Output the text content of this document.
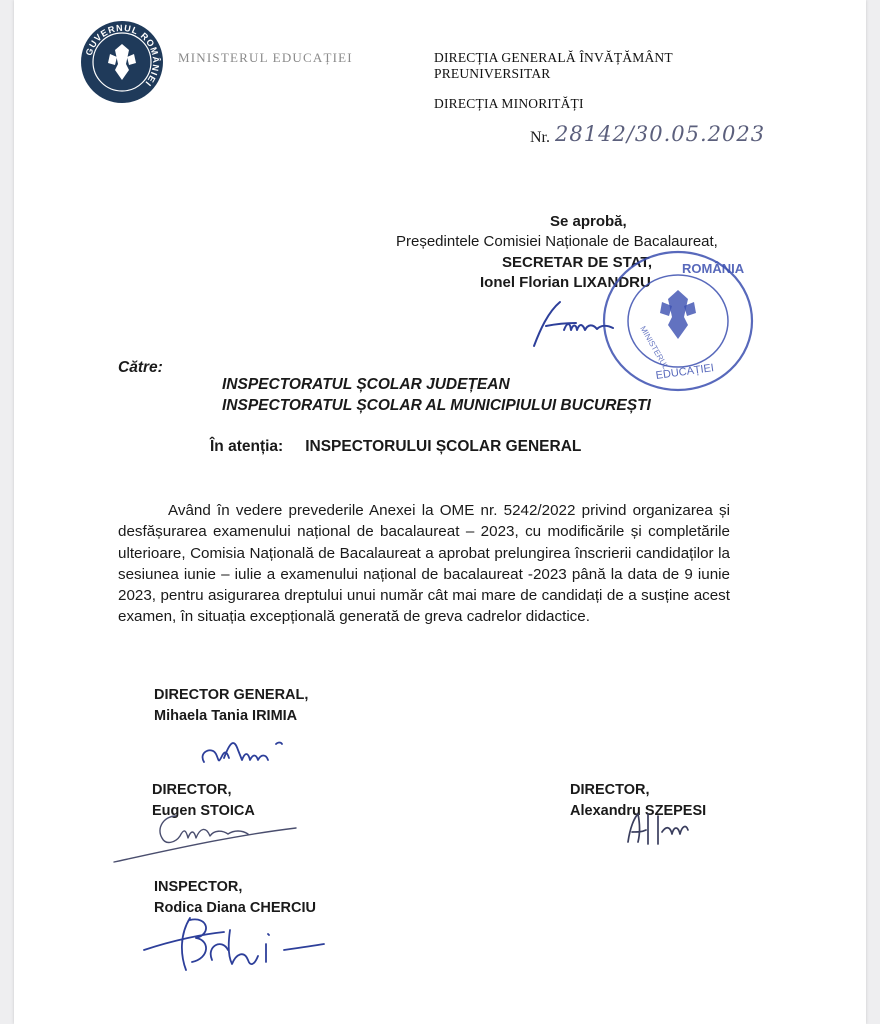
GUVERNUL ROMÂNIEI
MINISTERUL EDUCAȚIEI	DIRECȚIA GENERALĂ ÎNVĂȚĂMÂNT
PREUNIVERSITAR
DIRECȚIA MINORITĂȚI
Nr. 28142/30.05.2023
Se aprobă,
Președintele Comisiei Naționale de Bacalaureat,
SECRETAR DE STAT,
Ionel Florian LIXANDRU
ROMÂNIA
EDUCAȚIEI
MINISTERUL
Către:
INSPECTORATUL ȘCOLAR JUDEȚEAN
INSPECTORATUL ȘCOLAR AL MUNICIPIULUI BUCUREȘTI
În atenția: INSPECTORULUI ȘCOLAR GENERAL
Având în vedere prevederile Anexei la OME nr. 5242/2022 privind organizarea și desfășurarea examenului național de bacalaureat – 2023, cu modificările și completările ulterioare, Comisia Națională de Bacalaureat a aprobat prelungirea înscrierii candidaților la sesiunea iunie – iulie a examenului național de bacalaureat -2023 până la data de 9 iunie 2023, pentru asigurarea dreptului unui număr cât mai mare de candidați de a susține acest examen, în situația excepțională generată de greva cadrelor didactice.
DIRECTOR GENERAL,
Mihaela Tania IRIMIA
DIRECTOR,
Eugen STOICA
DIRECTOR,
Alexandru SZEPESI
INSPECTOR,
Rodica Diana CHERCIU
